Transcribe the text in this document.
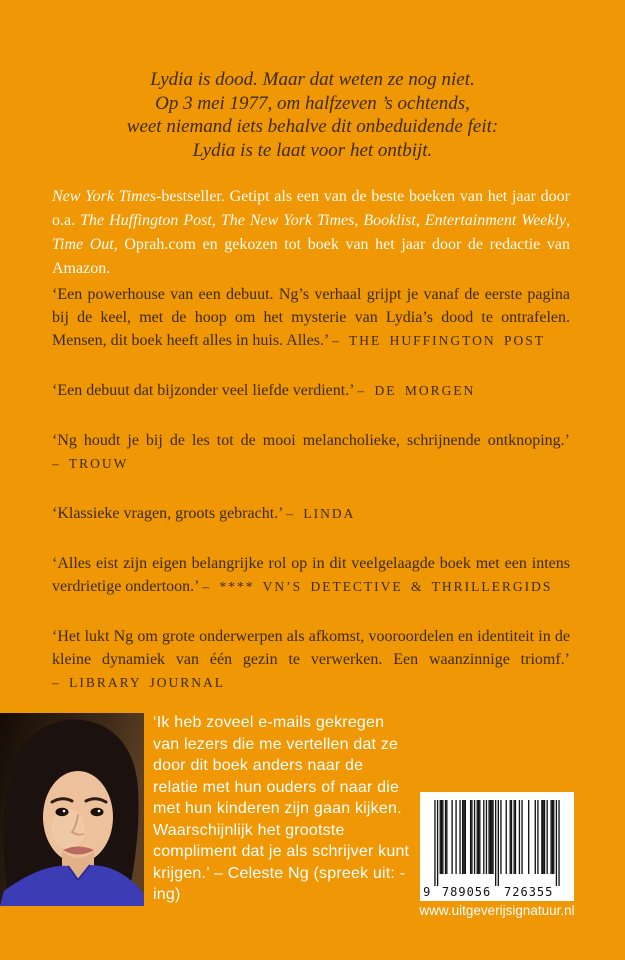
Lydia is dood. Maar dat weten ze nog niet.
Op 3 mei 1977, om halfzeven ’s ochtends,
weet niemand iets behalve dit onbeduidende feit:
Lydia is te laat voor het ontbijt.

New York Times-bestseller. Getipt als een van de beste boeken van het jaar door o.a. The Huffington Post, The New York Times, Booklist, Entertainment Weekly, Time Out, Oprah.com en gekozen tot boek van het jaar door de redactie van Amazon.

‘Een powerhouse van een debuut. Ng’s verhaal grijpt je vanaf de eerste pagina bij de keel, met de hoop om het mysterie van Lydia’s dood te ontrafelen. Mensen, dit boek heeft alles in huis. Alles.’ – THE HUFFINGTON POST

‘Een debuut dat bijzonder veel liefde verdient.’ – DE MORGEN

‘Ng houdt je bij de les tot de mooi melancholieke, schrijnende ontknoping.’ – TROUW

‘Klassieke vragen, groots gebracht.’ – LINDA

‘Alles eist zijn eigen belangrijke rol op in dit veelgelaagde boek met een intens verdrietige ondertoon.’ – **** VN’S DETECTIVE & THRILLERGIDS

‘Het lukt Ng om grote onderwerpen als afkomst, vooroordelen en identiteit in de kleine dynamiek van één gezin te verwerken. Een waanzinnige triomf.’ – LIBRARY JOURNAL

‘Ik heb zoveel e-mails gekregen van lezers die me vertellen dat ze door dit boek anders naar de relatie met hun ouders of naar die met hun kinderen zijn gaan kijken. Waarschijnlijk het grootste compliment dat je als schrijver kunt krijgen.’ – Celeste Ng (spreek uit: -ing)	9 789056 726355
www.uitgeverijsignatuur.nl
